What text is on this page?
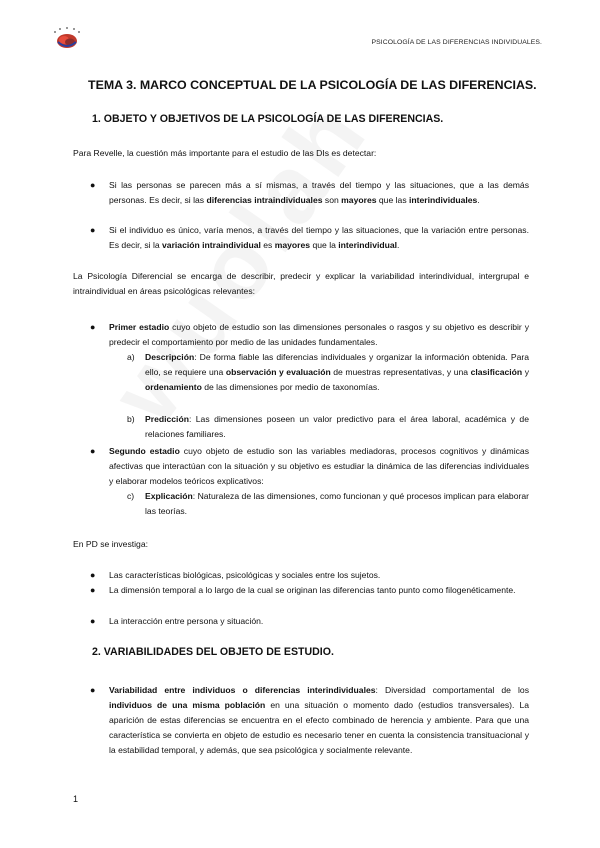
PSICOLOGÍA DE LAS DIFERENCIAS INDIVIDUALES.
TEMA 3. MARCO CONCEPTUAL DE LA PSICOLOGÍA DE LAS DIFERENCIAS.
1. OBJETO Y OBJETIVOS DE LA PSICOLOGÍA DE LAS DIFERENCIAS.
Para Revelle, la cuestión más importante para el estudio de las DIs es detectar:
● Si las personas se parecen más a sí mismas, a través del tiempo y las situaciones, que a las demás personas. Es decir, si las diferencias intraindividuales son mayores que las interindividuales.
● Si el individuo es único, varía menos, a través del tiempo y las situaciones, que la variación entre personas. Es decir, si la variación intraindividual es mayores que la interindividual.
La Psicología Diferencial se encarga de describir, predecir y explicar la variabilidad interindividual, intergrupal e intraindividual en áreas psicológicas relevantes:
● Primer estadio cuyo objeto de estudio son las dimensiones personales o rasgos y su objetivo es describir y predecir el comportamiento por medio de las unidades fundamentales.
a) Descripción: De forma fiable las diferencias individuales y organizar la información obtenida. Para ello, se requiere una observación y evaluación de muestras representativas, y una clasificación y ordenamiento de las dimensiones por medio de taxonomías.
b) Predicción: Las dimensiones poseen un valor predictivo para el área laboral, académica y de relaciones familiares.
● Segundo estadio cuyo objeto de estudio son las variables mediadoras, procesos cognitivos y dinámicas afectivas que interactúan con la situación y su objetivo es estudiar la dinámica de las diferencias individuales y elaborar modelos teóricos explicativos:
c) Explicación: Naturaleza de las dimensiones, como funcionan y qué procesos implican para elaborar las teorías.
En PD se investiga:
● Las características biológicas, psicológicas y sociales entre los sujetos.
● La dimensión temporal a lo largo de la cual se originan las diferencias tanto punto como filogenéticamente.
● La interacción entre persona y situación.
2. VARIABILIDADES DEL OBJETO DE ESTUDIO.
● Variabilidad entre individuos o diferencias interindividuales: Diversidad comportamental de los individuos de una misma población en una situación o momento dado (estudios transversales). La aparición de estas diferencias se encuentra en el efecto combinado de herencia y ambiente. Para que una característica se convierta en objeto de estudio es necesario tener en cuenta la consistencia transituacional y la estabilidad temporal, y además, que sea psicológica y socialmente relevante.
1
